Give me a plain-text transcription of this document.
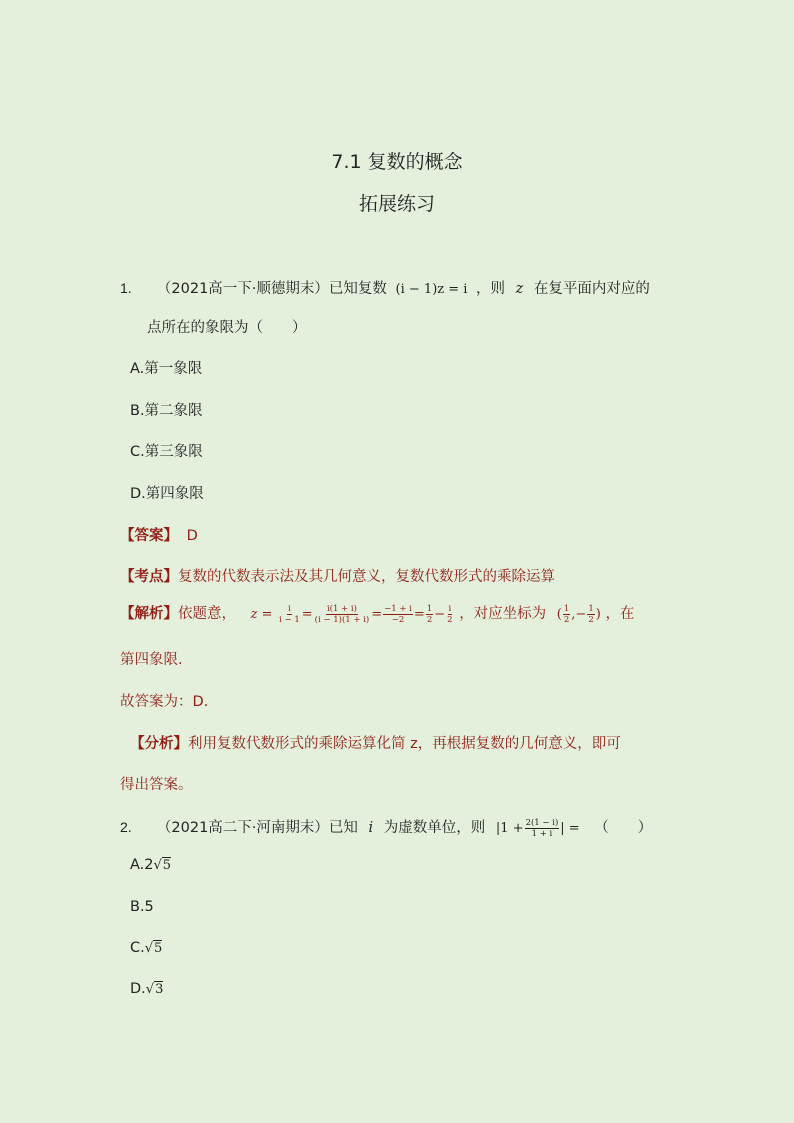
7.1 复数的概念
拓展练习
1. （2021高一下·顺德期末）已知复数 (i − 1)z = i ，则 z 在复平面内对应的
点所在的象限为（　　）
A.第一象限
B.第二象限
C.第三象限
D.第四象限
【答案】 D
【考点】复数的代数表示法及其几何意义，复数代数形式的乘除运算
【解析】依题意， $z = \frac{i}{i - 1} = \frac{i(1 + i)}{(i - 1)(1 + i)} = \frac{-1 + i}{-2} = \frac{1}{2} - \frac{i}{2}$ ，对应坐标为 ( $\frac{1}{2}$ ,− $\frac{1}{2}$ ) ，在
第四象限.
故答案为：D.
【分析】利用复数代数形式的乘除运算化简 z，再根据复数的几何意义，即可
得出答案。
2. （2021高二下·河南期末）已知 i 为虚数单位，则 $|1 + \frac{2(1 - i)}{1 + i}$ | = （　　）
A.2√5
B.5
C.√5
D.√3
